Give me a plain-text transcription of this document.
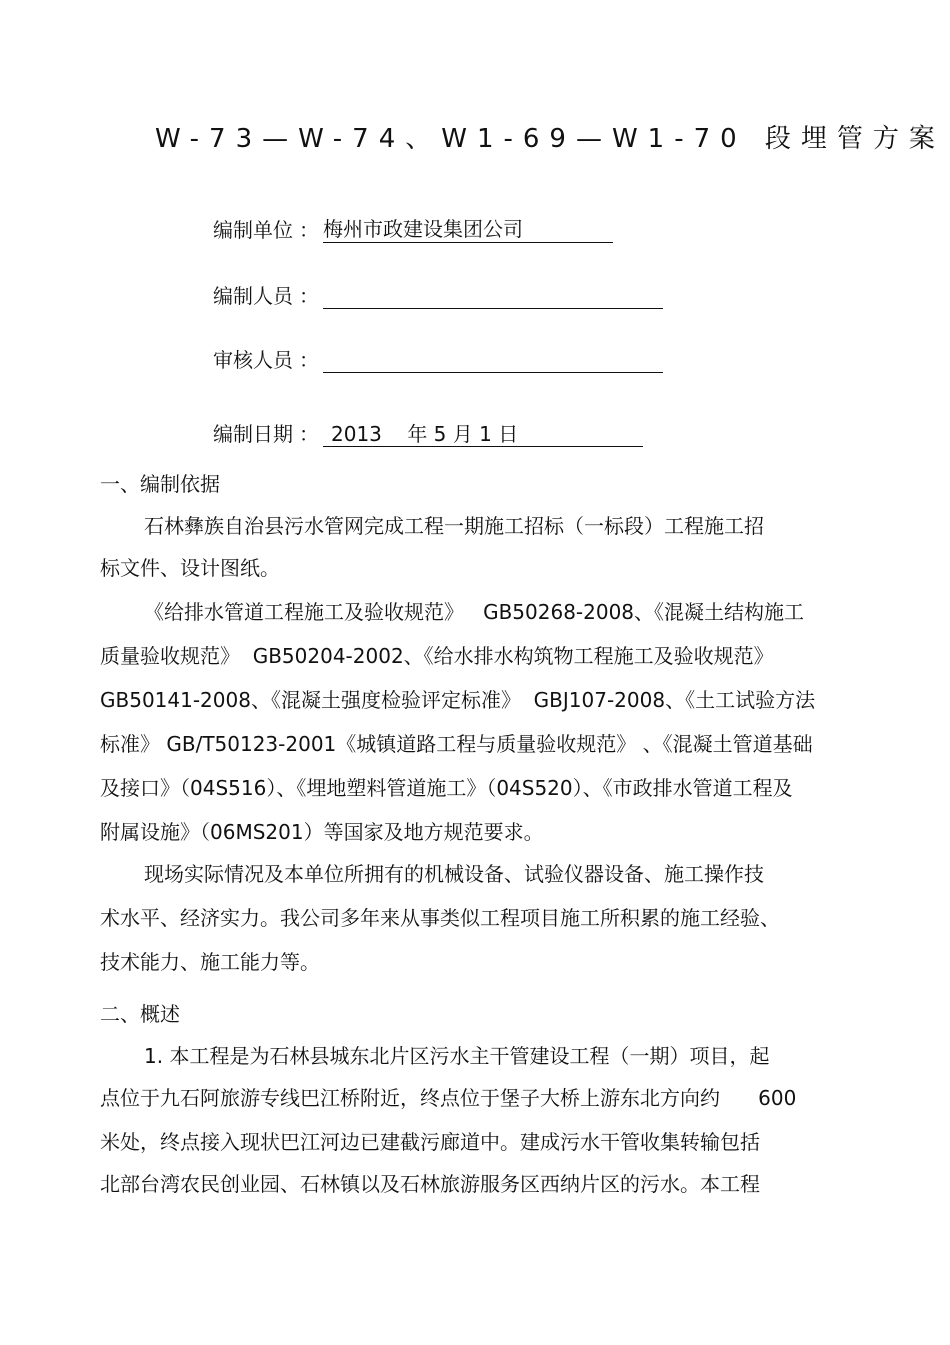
W-73—W-74、W1-69—W1-70 段埋管方案
编制单位 ： 梅州市政建设集团公司
编制人员 ：
审核人员 ：
编制日期 ： 2013    年 5 月 1 日
一、编制依据
石林彝族自治县污水管网完成工程一期施工招标（一标段）工程施工招
标文件、设计图纸。
《给排水管道工程施工及验收规范》   GB50268-2008、《混凝土结构施工
质量验收规范》  GB50204-2002、《给水排水构筑物工程施工及验收规范》
GB50141-2008、《混凝土强度检验评定标准》  GBJ107-2008、《土工试验方法
标准》 GB/T50123-2001《城镇道路工程与质量验收规范》 、《混凝土管道基础
及接口》（04S516）、《埋地塑料管道施工》（04S520）、《市政排水管道工程及
附属设施》（06MS201）等国家及地方规范要求。
现场实际情况及本单位所拥有的机械设备、试验仪器设备、施工操作技
术水平、经济实力。我公司多年来从事类似工程项目施工所积累的施工经验、
技术能力、施工能力等。
二、概述
1. 本工程是为石林县城东北片区污水主干管建设工程（一期）项目，起
点位于九石阿旅游专线巴江桥附近，终点位于堡子大桥上游东北方向约      600
米处，终点接入现状巴江河边已建截污廊道中。建成污水干管收集转输包括
北部台湾农民创业园、石林镇以及石林旅游服务区西纳片区的污水。本工程
